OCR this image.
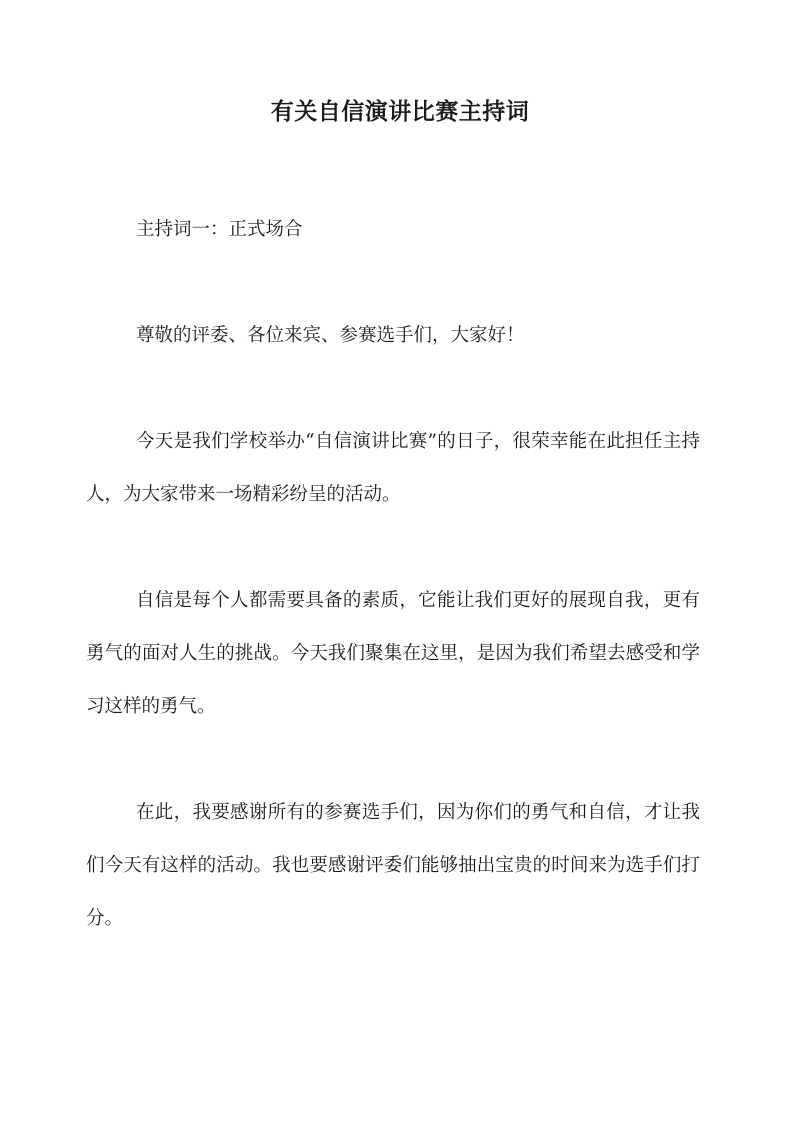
有关自信演讲比赛主持词

主持词一：正式场合

尊敬的评委、各位来宾、参赛选手们，大家好！

今天是我们学校举办“自信演讲比赛”的日子，很荣幸能在此担任主持人，为大家带来一场精彩纷呈的活动。

自信是每个人都需要具备的素质，它能让我们更好的展现自我，更有勇气的面对人生的挑战。今天我们聚集在这里，是因为我们希望去感受和学习这样的勇气。

在此，我要感谢所有的参赛选手们，因为你们的勇气和自信，才让我们今天有这样的活动。我也要感谢评委们能够抽出宝贵的时间来为选手们打分。
